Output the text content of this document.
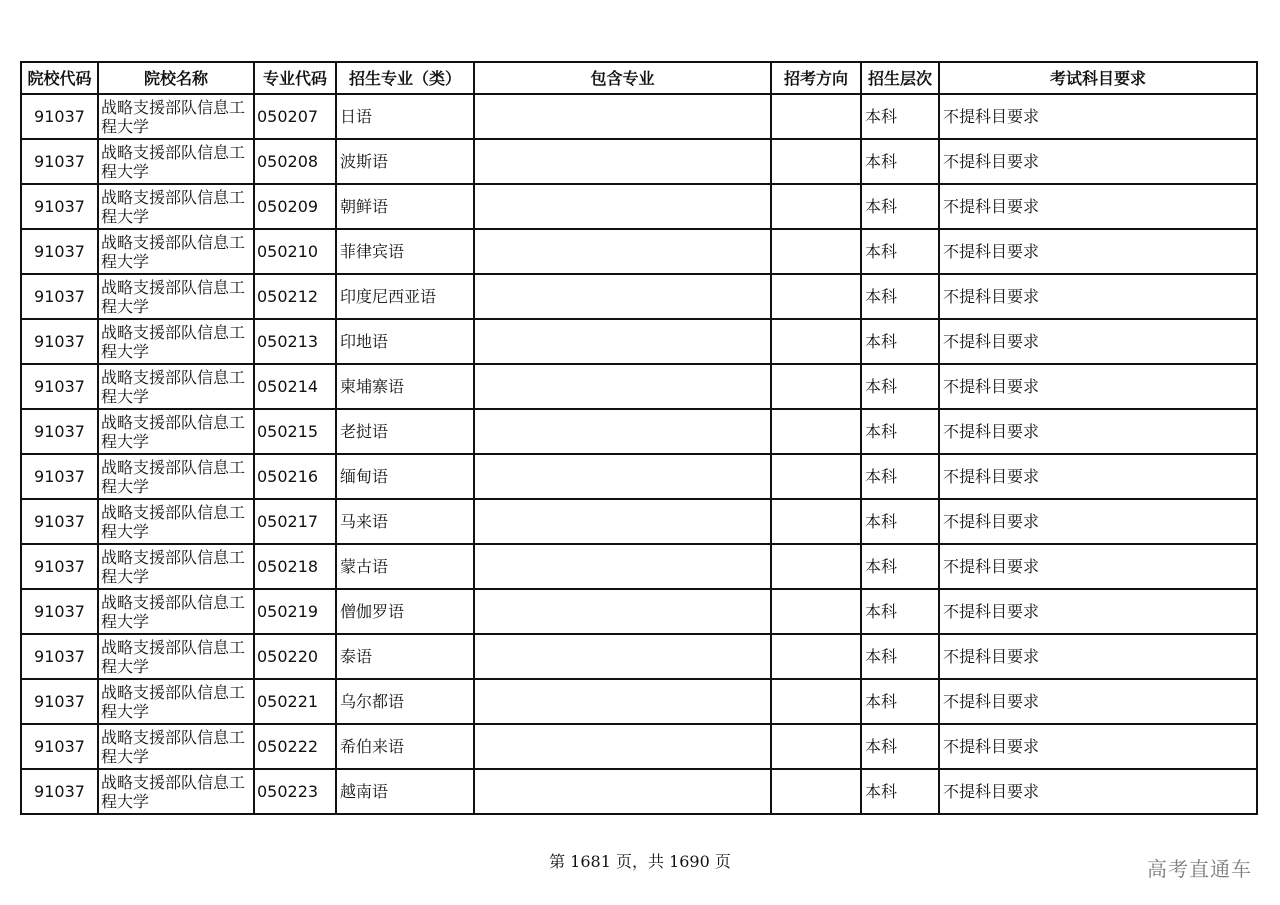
院校代码	院校名称	专业代码	招生专业（类）	包含专业	招考方向	招生层次	考试科目要求
91037	战略支援部队信息工程大学	050207	日语			本科	不提科目要求
91037	战略支援部队信息工程大学	050208	波斯语			本科	不提科目要求
91037	战略支援部队信息工程大学	050209	朝鲜语			本科	不提科目要求
91037	战略支援部队信息工程大学	050210	菲律宾语			本科	不提科目要求
91037	战略支援部队信息工程大学	050212	印度尼西亚语			本科	不提科目要求
91037	战略支援部队信息工程大学	050213	印地语			本科	不提科目要求
91037	战略支援部队信息工程大学	050214	柬埔寨语			本科	不提科目要求
91037	战略支援部队信息工程大学	050215	老挝语			本科	不提科目要求
91037	战略支援部队信息工程大学	050216	缅甸语			本科	不提科目要求
91037	战略支援部队信息工程大学	050217	马来语			本科	不提科目要求
91037	战略支援部队信息工程大学	050218	蒙古语			本科	不提科目要求
91037	战略支援部队信息工程大学	050219	僧伽罗语			本科	不提科目要求
91037	战略支援部队信息工程大学	050220	泰语			本科	不提科目要求
91037	战略支援部队信息工程大学	050221	乌尔都语			本科	不提科目要求
91037	战略支援部队信息工程大学	050222	希伯来语			本科	不提科目要求
91037	战略支援部队信息工程大学	050223	越南语			本科	不提科目要求
第 1681 页，共 1690 页	高考直通车
